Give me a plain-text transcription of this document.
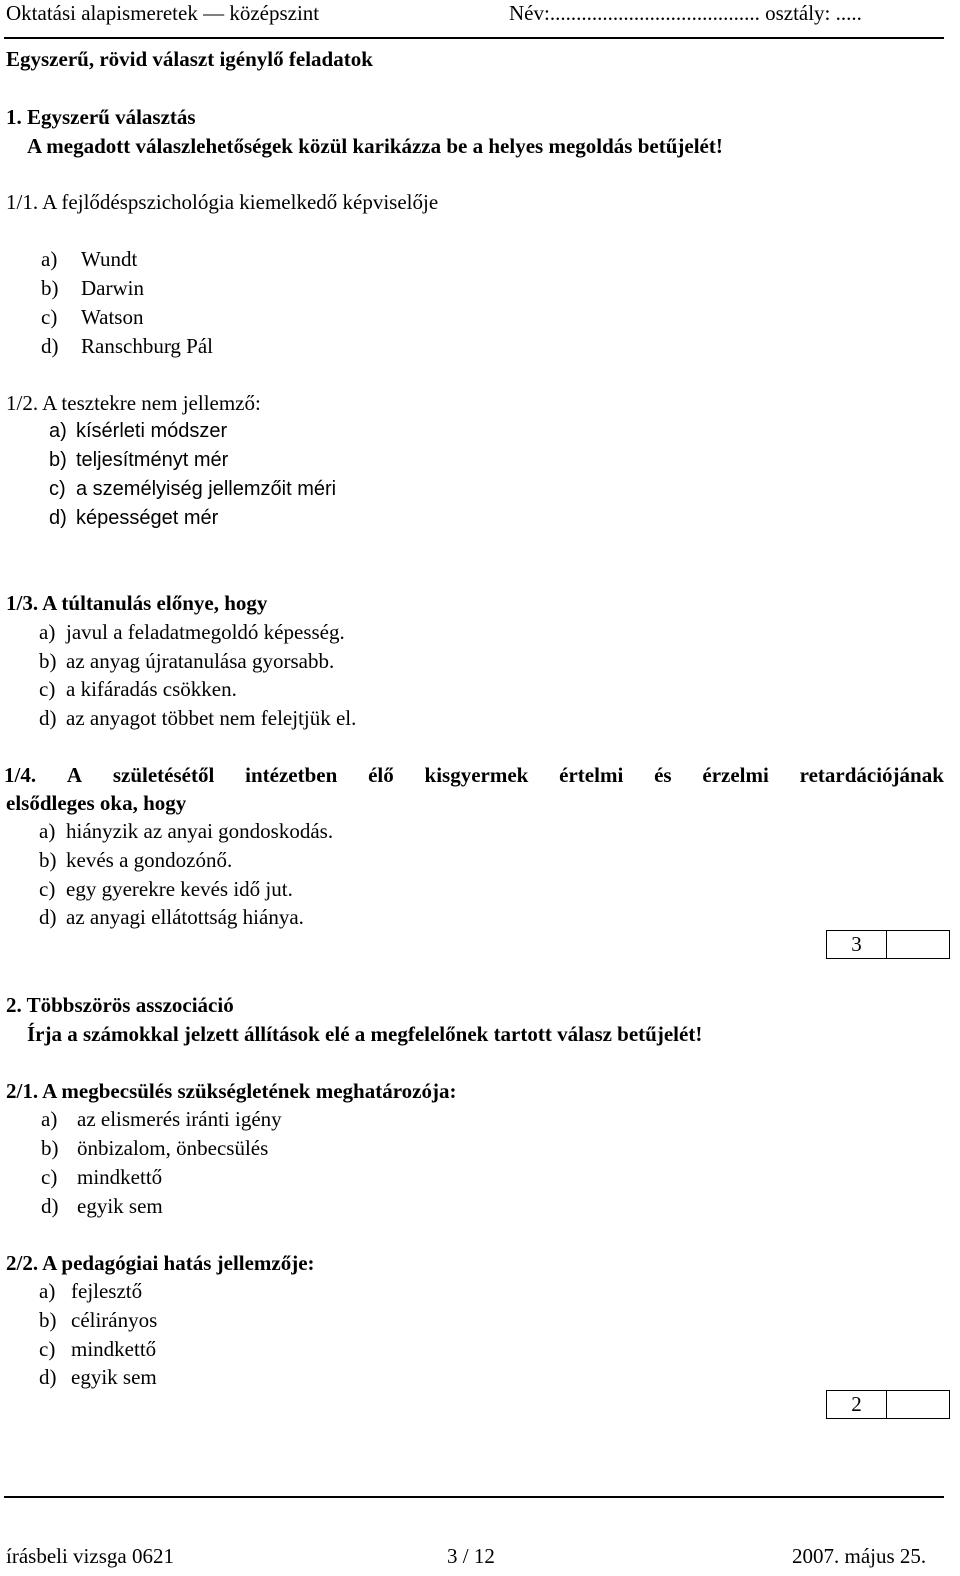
Oktatási alapismeretek — középszint	Név:........................................ osztály: .....
Egyszerű, rövid választ igénylő feladatok
1. Egyszerű választás
A megadott válaszlehetőségek közül karikázza be a helyes megoldás betűjelét!
1/1. A fejlődéspszichológia kiemelkedő képviselője
a) Wundt
b) Darwin
c) Watson
d) Ranschburg Pál
1/2. A tesztekre nem jellemző:
a) kísérleti módszer
b) teljesítményt mér
c) a személyiség jellemzőit méri
d) képességet mér
1/3. A túltanulás előnye, hogy
a) javul a feladatmegoldó képesség.
b) az anyag újratanulása gyorsabb.
c) a kifáradás csökken.
d) az anyagot többet nem felejtjük el.
1/4. A születésétől intézetben élő kisgyermek értelmi és érzelmi retardációjának
elsődleges oka, hogy
a) hiányzik az anyai gondoskodás.
b) kevés a gondozónő.
c) egy gyerekre kevés idő jut.
d) az anyagi ellátottság hiánya.
3
2. Többszörös asszociáció
Írja a számokkal jelzett állítások elé a megfelelőnek tartott válasz betűjelét!
2/1. A megbecsülés szükségletének meghatározója:
a) az elismerés iránti igény
b) önbizalom, önbecsülés
c) mindkettő
d) egyik sem
2/2. A pedagógiai hatás jellemzője:
a) fejlesztő
b) célirányos
c) mindkettő
d) egyik sem
2
írásbeli vizsga 0621	3 / 12	2007. május 25.
